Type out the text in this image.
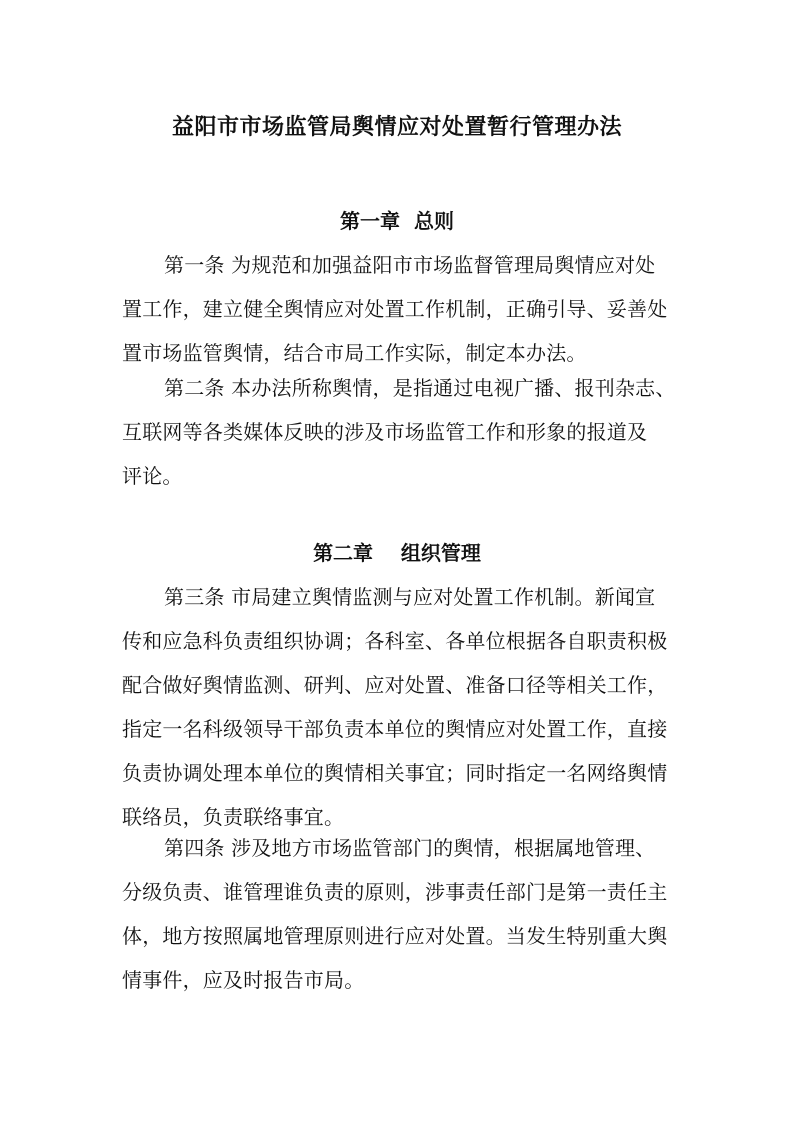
益阳市市场监管局舆情应对处置暂行管理办法
第一章  总则
第一条 为规范和加强益阳市市场监督管理局舆情应对处
置工作，建立健全舆情应对处置工作机制，正确引导、妥善处
置市场监管舆情，结合市局工作实际，制定本办法。
第二条 本办法所称舆情，是指通过电视广播、报刊杂志、
互联网等各类媒体反映的涉及市场监管工作和形象的报道及
评论。
第二章    组织管理
第三条 市局建立舆情监测与应对处置工作机制。新闻宣
传和应急科负责组织协调；各科室、各单位根据各自职责积极
配合做好舆情监测、研判、应对处置、准备口径等相关工作，
指定一名科级领导干部负责本单位的舆情应对处置工作，直接
负责协调处理本单位的舆情相关事宜；同时指定一名网络舆情
联络员，负责联络事宜。
第四条 涉及地方市场监管部门的舆情，根据属地管理、
分级负责、谁管理谁负责的原则，涉事责任部门是第一责任主
体，地方按照属地管理原则进行应对处置。当发生特别重大舆
情事件，应及时报告市局。
